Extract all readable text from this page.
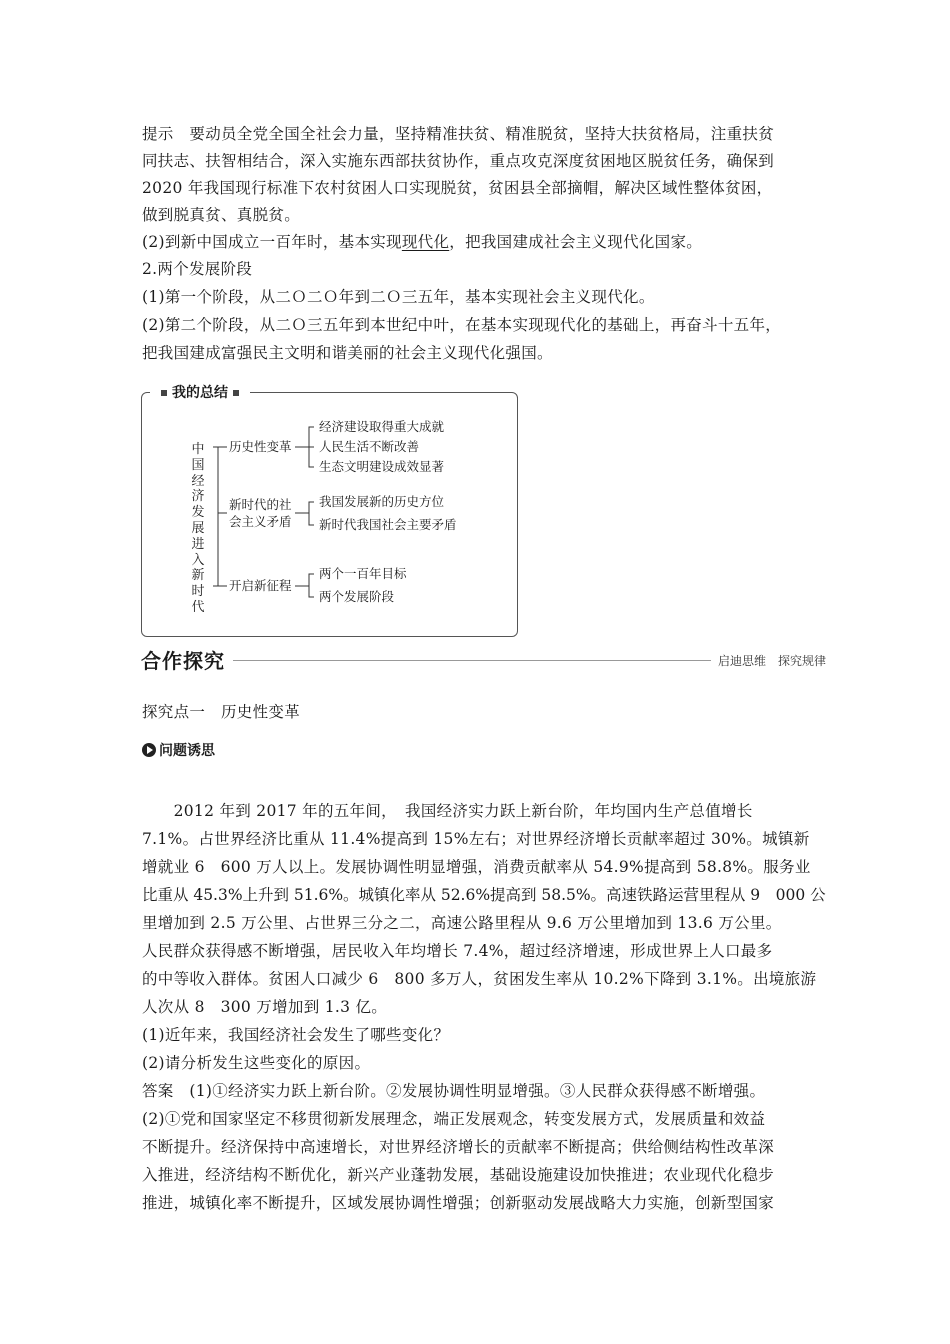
提示　要动员全党全国全社会力量，坚持精准扶贫、精准脱贫，坚持大扶贫格局，注重扶贫
同扶志、扶智相结合，深入实施东西部扶贫协作，重点攻克深度贫困地区脱贫任务，确保到
2020 年我国现行标准下农村贫困人口实现脱贫，贫困县全部摘帽，解决区域性整体贫困，
做到脱真贫、真脱贫。
(2)到新中国成立一百年时，基本实现现代化，把我国建成社会主义现代化国家。
2.两个发展阶段
(1)第一个阶段，从二Ｏ二Ｏ年到二Ｏ三五年，基本实现社会主义现代化。
(2)第二个阶段，从二Ｏ三五年到本世纪中叶，在基本实现现代化的基础上，再奋斗十五年，
把我国建成富强民主文明和谐美丽的社会主义现代化强国。
我的总结
中国经济发展进入新时代
历史性变革
经济建设取得重大成就
人民生活不断改善
生态文明建设成效显著
新时代的社
会主义矛盾
我国发展新的历史方位
新时代我国社会主要矛盾
开启新征程
两个一百年目标
两个发展阶段
合作探究	启迪思维　探究规律
探究点一　历史性变革
问题诱思
　　2012 年到 2017 年的五年间，　我国经济实力跃上新台阶，年均国内生产总值增长
7.1%。占世界经济比重从 11.4%提高到 15%左右；对世界经济增长贡献率超过 30%。城镇新
增就业 6　600 万人以上。发展协调性明显增强，消费贡献率从 54.9%提高到 58.8%。服务业
比重从 45.3%上升到 51.6%。城镇化率从 52.6%提高到 58.5%。高速铁路运营里程从 9　000 公
里增加到 2.5 万公里、占世界三分之二，高速公路里程从 9.6 万公里增加到 13.6 万公里。
人民群众获得感不断增强，居民收入年均增长 7.4%，超过经济增速，形成世界上人口最多
的中等收入群体。贫困人口减少 6　800 多万人，贫困发生率从 10.2%下降到 3.1%。出境旅游
人次从 8　300 万增加到 1.3 亿。
(1)近年来，我国经济社会发生了哪些变化？
(2)请分析发生这些变化的原因。
答案　(1)①经济实力跃上新台阶。②发展协调性明显增强。③人民群众获得感不断增强。
(2)①党和国家坚定不移贯彻新发展理念，端正发展观念，转变发展方式，发展质量和效益
不断提升。经济保持中高速增长，对世界经济增长的贡献率不断提高；供给侧结构性改革深
入推进，经济结构不断优化，新兴产业蓬勃发展，基础设施建设加快推进；农业现代化稳步
推进，城镇化率不断提升，区域发展协调性增强；创新驱动发展战略大力实施，创新型国家
